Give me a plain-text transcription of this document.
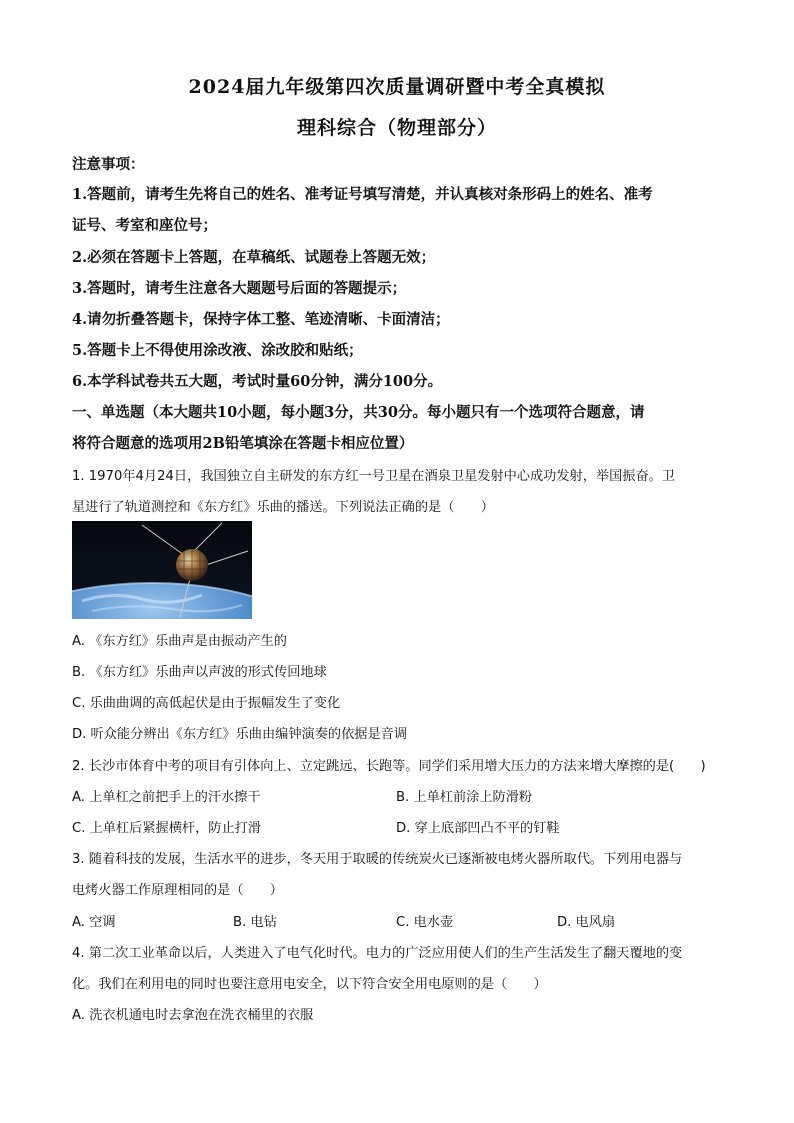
2024届九年级第四次质量调研暨中考全真模拟
理科综合（物理部分）
注意事项：
1.答题前，请考生先将自己的姓名、准考证号填写清楚，并认真核对条形码上的姓名、准考
证号、考室和座位号；
2.必须在答题卡上答题，在草稿纸、试题卷上答题无效；
3.答题时，请考生注意各大题题号后面的答题提示；
4.请勿折叠答题卡，保持字体工整、笔迹清晰、卡面清洁；
5.答题卡上不得使用涂改液、涂改胶和贴纸；
6.本学科试卷共五大题，考试时量60分钟，满分100分。
一、单选题（本大题共10小题，每小题3分，共30分。每小题只有一个选项符合题意，请
将符合题意的选项用2B铅笔填涂在答题卡相应位置）
1. 1970年4月24日，我国独立自主研发的东方红一号卫星在酒泉卫星发射中心成功发射，举国振奋。卫
星进行了轨道测控和《东方红》乐曲的播送。下列说法正确的是（　　）
A. 《东方红》乐曲声是由振动产生的
B. 《东方红》乐曲声以声波的形式传回地球
C. 乐曲曲调的高低起伏是由于振幅发生了变化
D. 听众能分辨出《东方红》乐曲由编钟演奏的依据是音调
2. 长沙市体育中考的项目有引体向上、立定跳远、长跑等。同学们采用增大压力的方法来增大摩擦的是(　　)
A. 上单杠之前把手上的汗水擦干	B. 上单杠前涂上防滑粉
C. 上单杠后紧握横杆，防止打滑	D. 穿上底部凹凸不平的钉鞋
3. 随着科技的发展，生活水平的进步，冬天用于取暖的传统炭火已逐渐被电烤火器所取代。下列用电器与
电烤火器工作原理相同的是（　　）
A. 空调	B. 电钻	C. 电水壶	D. 电风扇
4. 第二次工业革命以后，人类进入了电气化时代。电力的广泛应用使人们的生产生活发生了翻天覆地的变
化。我们在利用电的同时也要注意用电安全，以下符合安全用电原则的是（　　）
A. 洗衣机通电时去拿泡在洗衣桶里的衣服
